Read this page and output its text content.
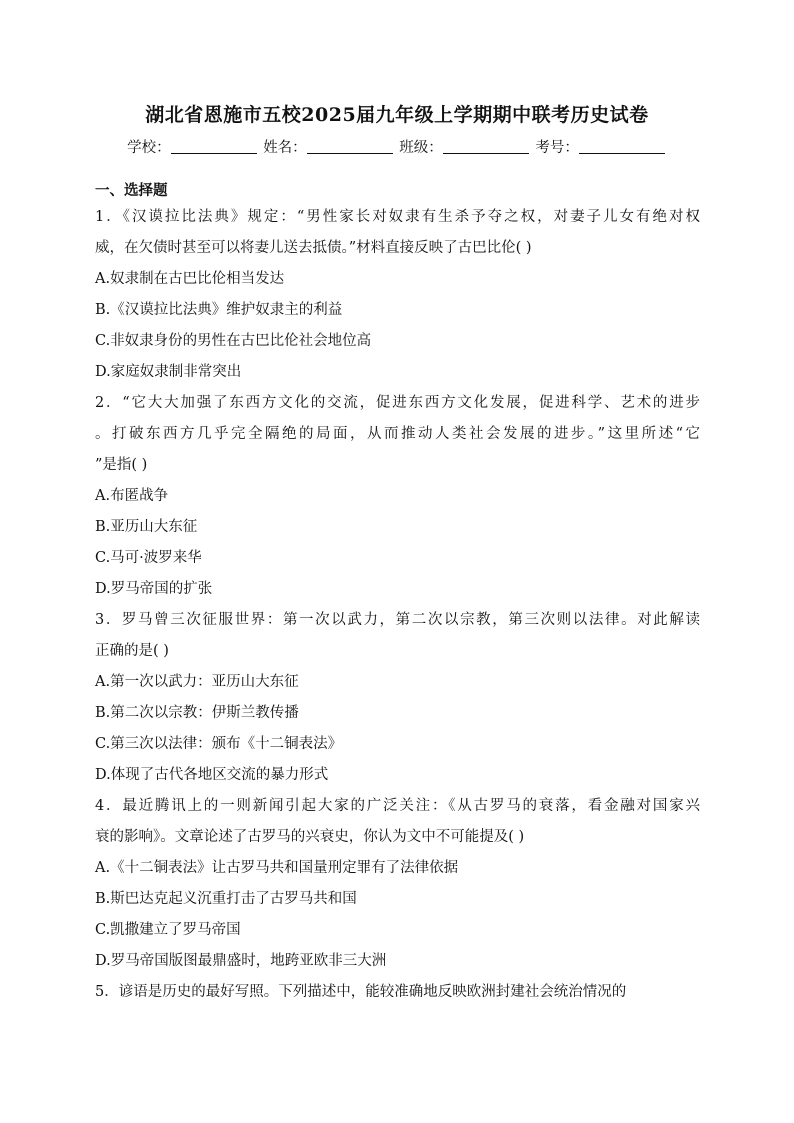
湖北省恩施市五校2025届九年级上学期期中联考历史试卷
学校：	姓名：	班级：	考号：
一、选择题
1．《汉谟拉比法典》规定：“男性家长对奴隶有生杀予夺之权，对妻子儿女有绝对权
威，在欠债时甚至可以将妻儿送去抵债。”材料直接反映了古巴比伦( )
A.奴隶制在古巴比伦相当发达
B.《汉谟拉比法典》维护奴隶主的利益
C.非奴隶身份的男性在古巴比伦社会地位高
D.家庭奴隶制非常突出
2．“它大大加强了东西方文化的交流，促进东西方文化发展，促进科学、艺术的进步
。打破东西方几乎完全隔绝的局面，从而推动人类社会发展的进步。”这里所述“它
”是指( )
A.布匿战争
B.亚历山大东征
C.马可·波罗来华
D.罗马帝国的扩张
3．罗马曾三次征服世界：第一次以武力，第二次以宗教，第三次则以法律。对此解读
正确的是( )
A.第一次以武力：亚历山大东征
B.第二次以宗教：伊斯兰教传播
C.第三次以法律：颁布《十二铜表法》
D.体现了古代各地区交流的暴力形式
4．最近腾讯上的一则新闻引起大家的广泛关注：《从古罗马的衰落，看金融对国家兴
衰的影响》。文章论述了古罗马的兴衰史，你认为文中不可能提及( )
A.《十二铜表法》让古罗马共和国量刑定罪有了法律依据
B.斯巴达克起义沉重打击了古罗马共和国
C.凯撒建立了罗马帝国
D.罗马帝国版图最鼎盛时，地跨亚欧非三大洲
5．谚语是历史的最好写照。下列描述中，能较准确地反映欧洲封建社会统治情况的
